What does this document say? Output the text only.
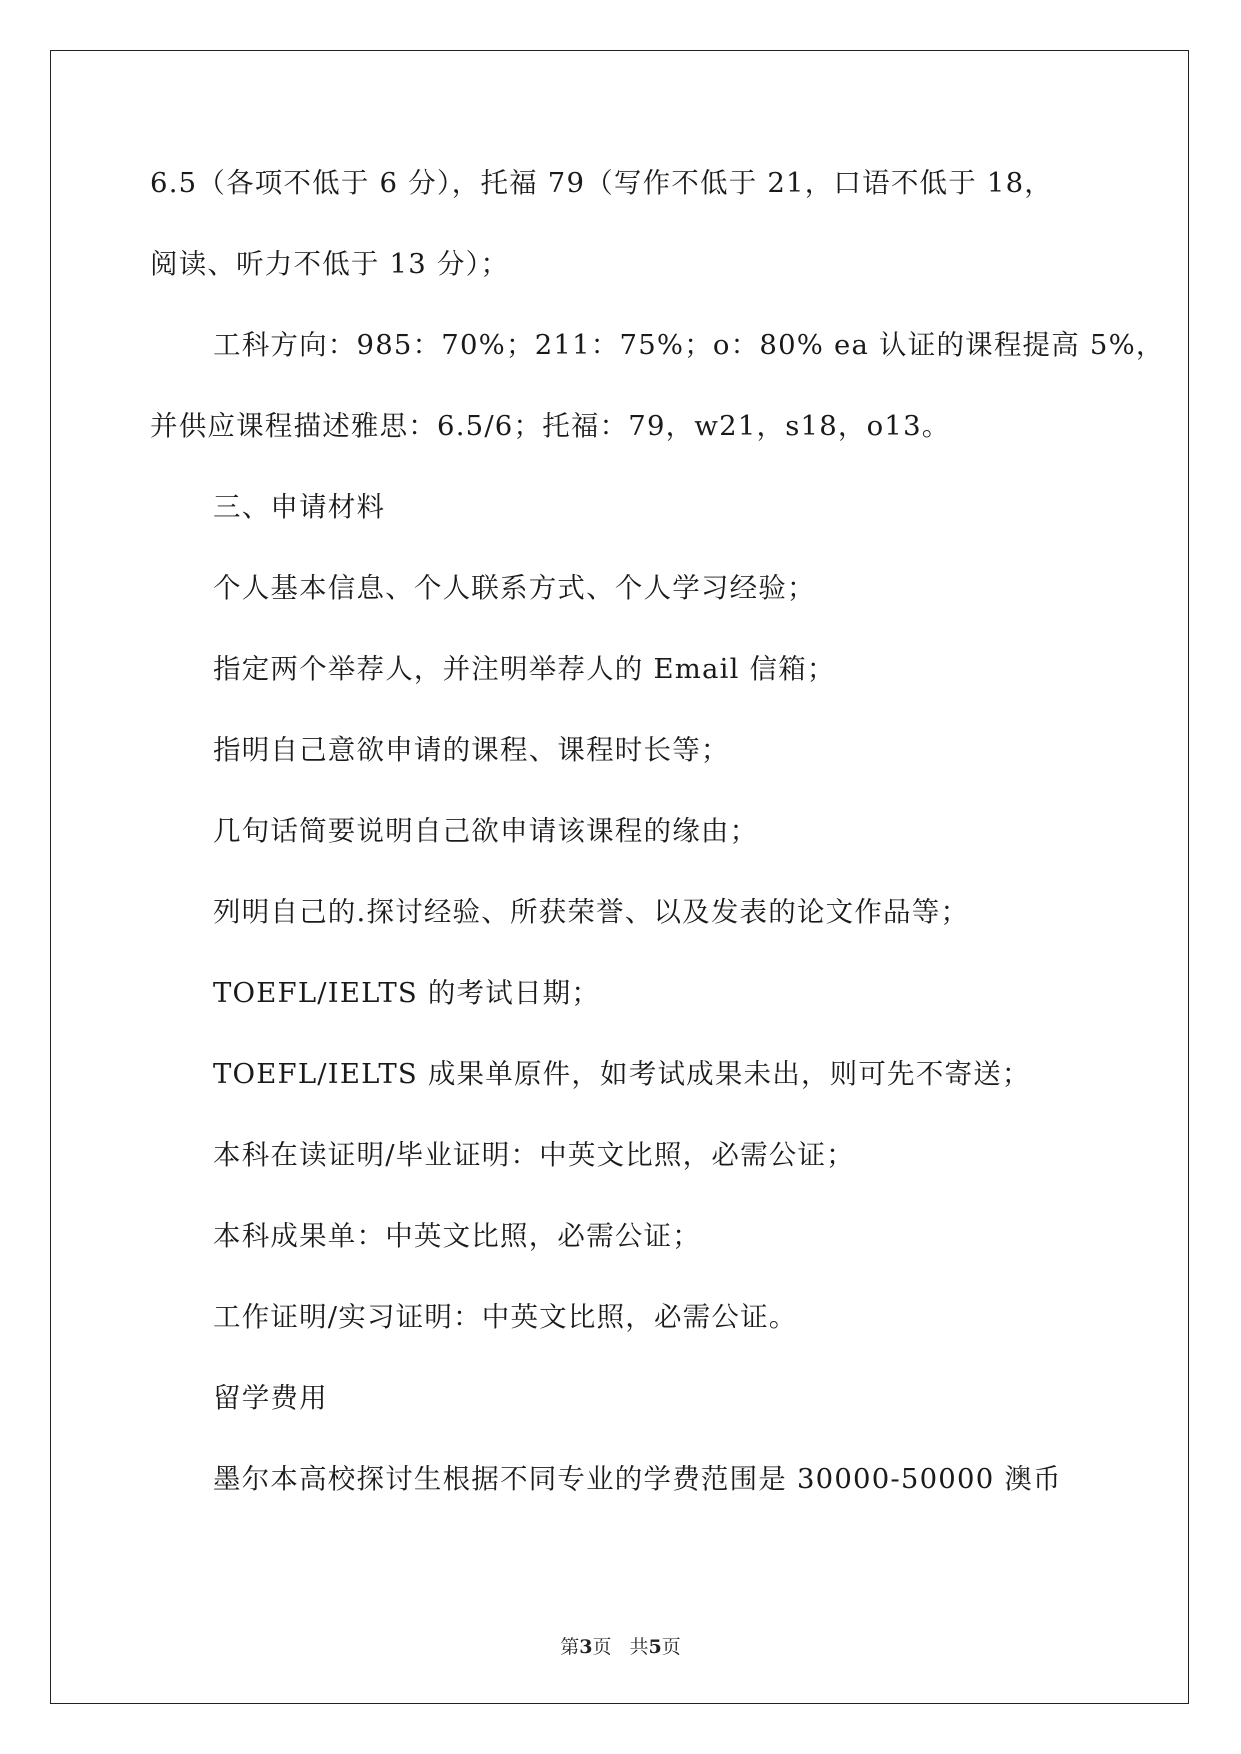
6.5（各项不低于 6 分），托福 79（写作不低于 21，口语不低于 18，
阅读、听力不低于 13 分）；
工科方向：985：70%；211：75%；o：80% ea 认证的课程提高 5%，
并供应课程描述雅思：6.5/6；托福：79，w21，s18，o13。
三、申请材料
个人基本信息、个人联系方式、个人学习经验；
指定两个举荐人，并注明举荐人的 Email 信箱；
指明自己意欲申请的课程、课程时长等；
几句话简要说明自己欲申请该课程的缘由；
列明自己的.探讨经验、所获荣誉、以及发表的论文作品等；
TOEFL/IELTS 的考试日期；
TOEFL/IELTS 成果单原件，如考试成果未出，则可先不寄送；
本科在读证明/毕业证明：中英文比照，必需公证；
本科成果单：中英文比照，必需公证；
工作证明/实习证明：中英文比照，必需公证。
留学费用
墨尔本高校探讨生根据不同专业的学费范围是 30000-50000 澳币
第3页 共5页
